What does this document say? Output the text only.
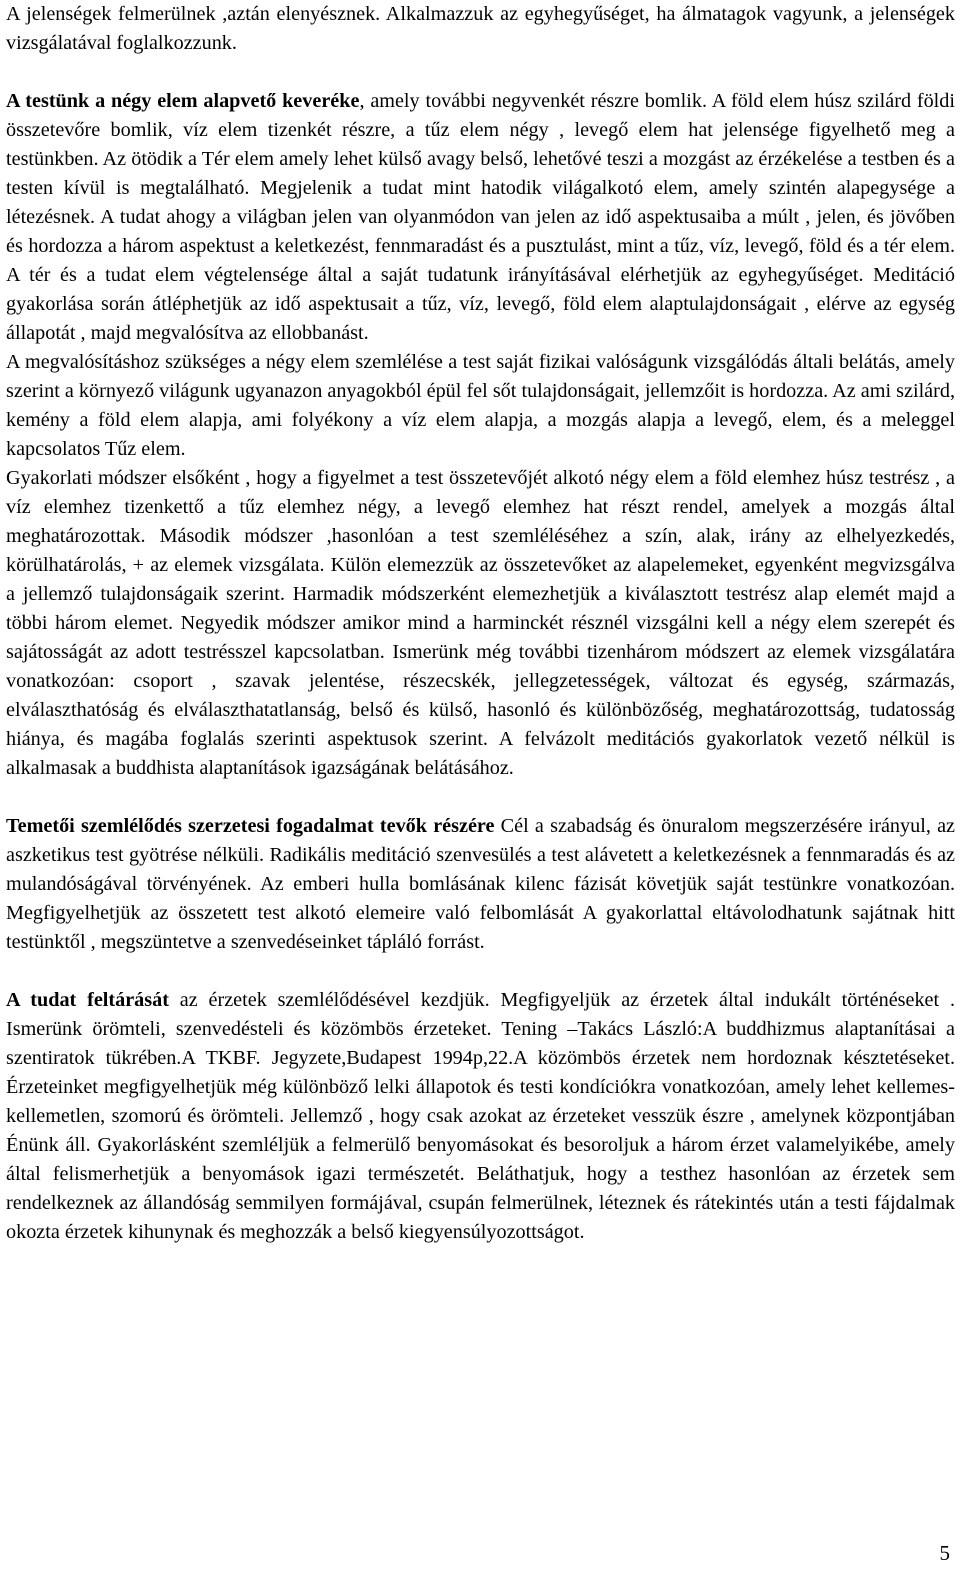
A jelenségek felmerülnek ,aztán elenyésznek. Alkalmazzuk az egyhegyűséget, ha álmatagok vagyunk, a jelenségek vizsgálatával foglalkozzunk.

A testünk a négy elem alapvető keveréke, amely további negyvenkét részre bomlik. A föld elem húsz szilárd földi összetevőre bomlik, víz elem tizenkét részre, a tűz elem négy , levegő elem hat jelensége figyelhető meg a testünkben. Az ötödik a Tér elem amely lehet külső avagy belső, lehetővé teszi a mozgást az érzékelése a testben és a testen kívül is megtalálható. Megjelenik a tudat mint hatodik világalkotó elem, amely szintén alapegysége a létezésnek. A tudat ahogy a világban jelen van olyanmódon van jelen az idő aspektusaiba a múlt , jelen, és jövőben és hordozza a három aspektust a keletkezést, fennmaradást és a pusztulást, mint a tűz, víz, levegő, föld és a tér elem. A tér és a tudat elem végtelensége által a saját tudatunk irányításával elérhetjük az egyhegyűséget. Meditáció gyakorlása során átléphetjük az idő aspektusait a tűz, víz, levegő, föld elem alaptulajdonságait , elérve az egység állapotát , majd megvalósítva az ellobbanást.

A megvalósításhoz szükséges a négy elem szemlélése a test saját fizikai valóságunk vizsgálódás általi belátás, amely szerint a környező világunk ugyanazon anyagokból épül fel sőt tulajdonságait, jellemzőit is hordozza. Az ami szilárd, kemény a föld elem alapja, ami folyékony a víz elem alapja, a mozgás alapja a levegő, elem, és a meleggel kapcsolatos Tűz elem.

Gyakorlati módszer elsőként , hogy a figyelmet a test összetevőjét alkotó négy elem a föld elemhez húsz testrész , a víz elemhez tizenkettő a tűz elemhez négy, a levegő elemhez hat részt rendel, amelyek a mozgás által meghatározottak. Második módszer ,hasonlóan a test szemléléséhez a szín, alak, irány az elhelyezkedés, körülhatárolás, + az elemek vizsgálata. Külön elemezzük az összetevőket az alapelemeket, egyenként megvizsgálva a jellemző tulajdonságaik szerint. Harmadik módszerként elemezhetjük a kiválasztott testrész alap elemét majd a többi három elemet. Negyedik módszer amikor mind a harminckét résznél vizsgálni kell a négy elem szerepét és sajátosságát az adott testrésszel kapcsolatban. Ismerünk még további tizenhárom módszert az elemek vizsgálatára vonatkozóan: csoport , szavak jelentése, részecskék, jellegzetességek, változat és egység, származás, elválaszthatóság és elválaszthatatlanság, belső és külső, hasonló és különbözőség, meghatározottság, tudatosság hiánya, és magába foglalás szerinti aspektusok szerint. A felvázolt meditációs gyakorlatok vezető nélkül is alkalmasak a buddhista alaptanítások igazságának belátásához.

Temetői szemlélődés szerzetesi fogadalmat tevők részére Cél a szabadság és önuralom megszerzésére irányul, az aszketikus test gyötrése nélküli. Radikális meditáció szenvesülés a test alávetett a keletkezésnek a fennmaradás és az mulandóságával törvényének. Az emberi hulla bomlásának kilenc fázisát követjük saját testünkre vonatkozóan. Megfigyelhetjük az összetett test alkotó elemeire való felbomlását A gyakorlattal eltávolodhatunk sajátnak hitt testünktől , megszüntetve a szenvedéseinket tápláló forrást.

A tudat feltárását az érzetek szemlélődésével kezdjük. Megfigyeljük az érzetek által indukált történéseket . Ismerünk örömteli, szenvedésteli és közömbös érzeteket. Tening –Takács László:A buddhizmus alaptanításai a szentiratok tükrében.A TKBF. Jegyzete,Budapest 1994p,22.A közömbös érzetek nem hordoznak késztetéseket. Érzeteinket megfigyelhetjük még különböző lelki állapotok és testi kondíciókra vonatkozóan, amely lehet kellemes-kellemetlen, szomorú és örömteli. Jellemző , hogy csak azokat az érzeteket vesszük észre , amelynek központjában Énünk áll. Gyakorlásként szemléljük a felmerülő benyomásokat és besoroljuk a három érzet valamelyikébe, amely által felismerhetjük a benyomások igazi természetét. Beláthatjuk, hogy a testhez hasonlóan az érzetek sem rendelkeznek az állandóság semmilyen formájával, csupán felmerülnek, léteznek és rátekintés után a testi fájdalmak okozta érzetek kihunynak és meghozzák a belső kiegyensúlyozottságot.

5
